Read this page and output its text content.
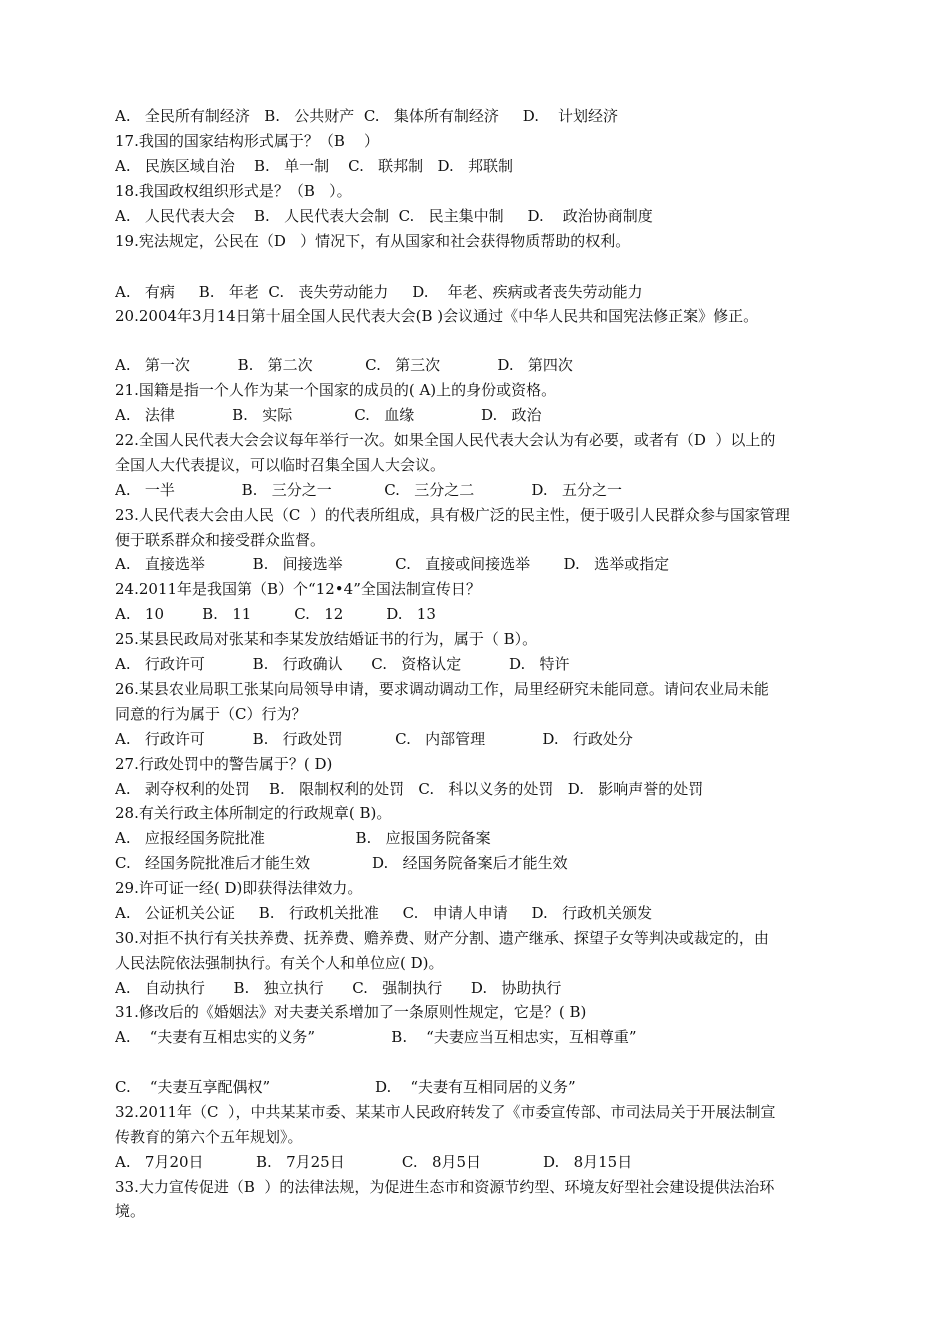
A.   全民所有制经济   B.   公共财产  C.   集体所有制经济     D.    计划经济
17.我国的国家结构形式属于？（B    ）
A.   民族区域自治    B.   单一制    C.   联邦制   D.   邦联制
18.我国政权组织形式是？（B   ）。
A.   人民代表大会    B.   人民代表大会制  C.   民主集中制     D.    政治协商制度
19.宪法规定，公民在（D   ）情况下，有从国家和社会获得物质帮助的权利。
A.   有病     B.   年老  C.   丧失劳动能力     D.    年老、疾病或者丧失劳动能力
20.2004年3月14日第十届全国人民代表大会(B )会议通过《中华人民共和国宪法修正案》修正。
A.   第一次          B.   第二次           C.   第三次            D.   第四次
21.国籍是指一个人作为某一个国家的成员的( A)上的身份或资格。
A.   法律            B.   实际             C.   血缘              D.   政治
22.全国人民代表大会会议每年举行一次。如果全国人民代表大会认为有必要，或者有（D  ）以上的
全国人大代表提议，可以临时召集全国人大会议。
A.   一半              B.   三分之一           C.   三分之二            D.   五分之一
23.人民代表大会由人民（C  ）的代表所组成，具有极广泛的民主性，便于吸引人民群众参与国家管理
便于联系群众和接受群众监督。
A.   直接选举          B.   间接选举           C.   直接或间接选举       D.   选举或指定
24.2011年是我国第（B）个“12•4”全国法制宣传日？
A.   10        B.   11         C.   12         D.   13
25.某县民政局对张某和李某发放结婚证书的行为，属于（ B）。
A.   行政许可          B.   行政确认      C.   资格认定          D.   特许
26.某县农业局职工张某向局领导申请，要求调动调动工作，局里经研究未能同意。请问农业局未能
同意的行为属于（C）行为？
A.   行政许可          B.   行政处罚           C.   内部管理            D.   行政处分
27.行政处罚中的警告属于？( D)
A.   剥夺权利的处罚    B.   限制权利的处罚   C.   科以义务的处罚   D.   影响声誉的处罚
28.有关行政主体所制定的行政规章( B)。
A.   应报经国务院批准                   B.   应报国务院备案
C.   经国务院批准后才能生效             D.   经国务院备案后才能生效
29.许可证一经( D)即获得法律效力。
A.   公证机关公证     B.   行政机关批准     C.   申请人申请     D.   行政机关颁发
30.对拒不执行有关扶养费、抚养费、赡养费、财产分割、遗产继承、探望子女等判决或裁定的，由
人民法院依法强制执行。有关个人和单位应( D)。
A.   自动执行      B.   独立执行      C.   强制执行      D.   协助执行
31.修改后的《婚姻法》对夫妻关系增加了一条原则性规定，它是？( B)
A.    “夫妻有互相忠实的义务”                B.    “夫妻应当互相忠实，互相尊重”
C.    “夫妻互享配偶权”                      D.    “夫妻有互相同居的义务”
32.2011年（C  ），中共某某市委、某某市人民政府转发了《市委宣传部、市司法局关于开展法制宣
传教育的第六个五年规划》。
A.   7月20日           B.   7月25日            C.   8月5日             D.   8月15日
33.大力宣传促进（B  ）的法律法规，为促进生态市和资源节约型、环境友好型社会建设提供法治环
境。
